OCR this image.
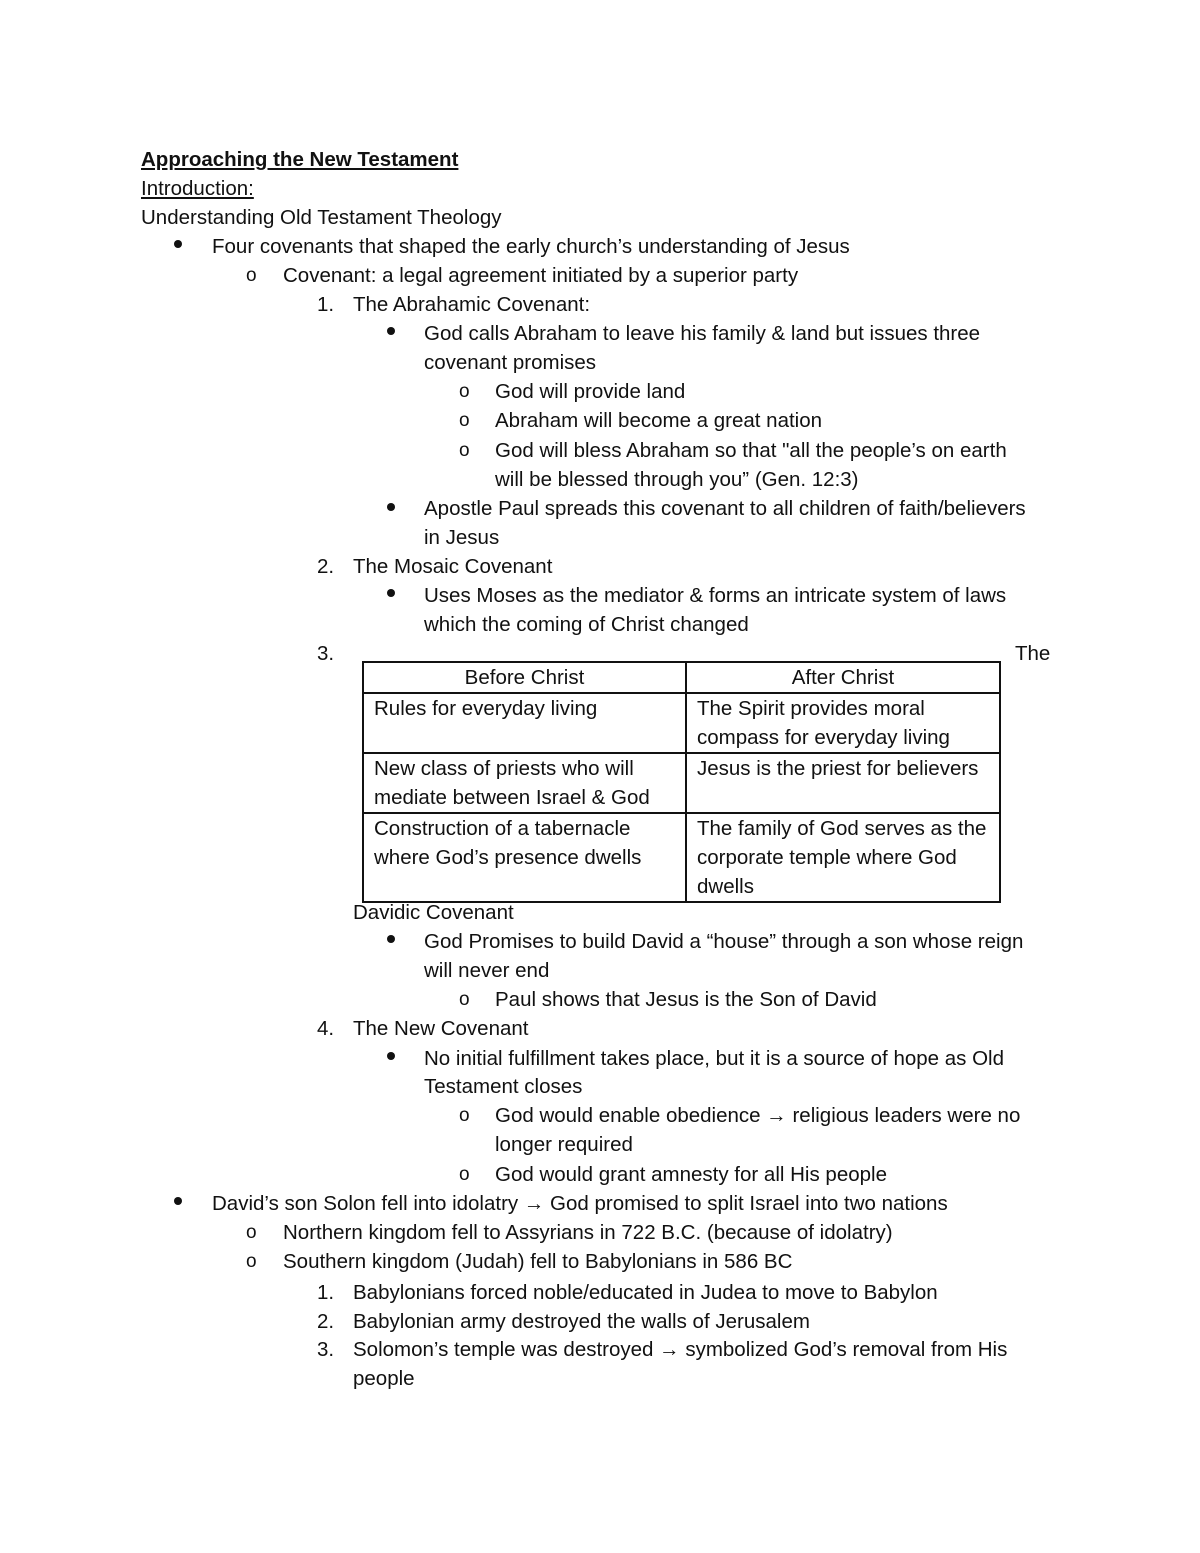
Approaching the New Testament
Introduction:
Understanding Old Testament Theology
Four covenants that shaped the early church’s understanding of Jesus
o Covenant: a legal agreement initiated by a superior party
1. The Abrahamic Covenant:
God calls Abraham to leave his family & land but issues three
covenant promises
o God will provide land
o Abraham will become a great nation
o God will bless Abraham so that "all the people’s on earth
will be blessed through you” (Gen. 12:3)
Apostle Paul spreads this covenant to all children of faith/believers
in Jesus
2. The Mosaic Covenant
Uses Moses as the mediator & forms an intricate system of laws
which the coming of Christ changed
3.	The
Before Christ	After Christ
Rules for everyday living	The Spirit provides moral compass for everyday living
New class of priests who will mediate between Israel & God	Jesus is the priest for believers
Construction of a tabernacle where God’s presence dwells	The family of God serves as the corporate temple where God dwells
Davidic Covenant
God Promises to build David a “house” through a son whose reign
will never end
o Paul shows that Jesus is the Son of David
4. The New Covenant
No initial fulfillment takes place, but it is a source of hope as Old
Testament closes
o God would enable obedience → religious leaders were no
longer required
o God would grant amnesty for all His people
David’s son Solon fell into idolatry → God promised to split Israel into two nations
o Northern kingdom fell to Assyrians in 722 B.C. (because of idolatry)
o Southern kingdom (Judah) fell to Babylonians in 586 BC
1. Babylonians forced noble/educated in Judea to move to Babylon
2. Babylonian army destroyed the walls of Jerusalem
3. Solomon’s temple was destroyed → symbolized God’s removal from His
people
